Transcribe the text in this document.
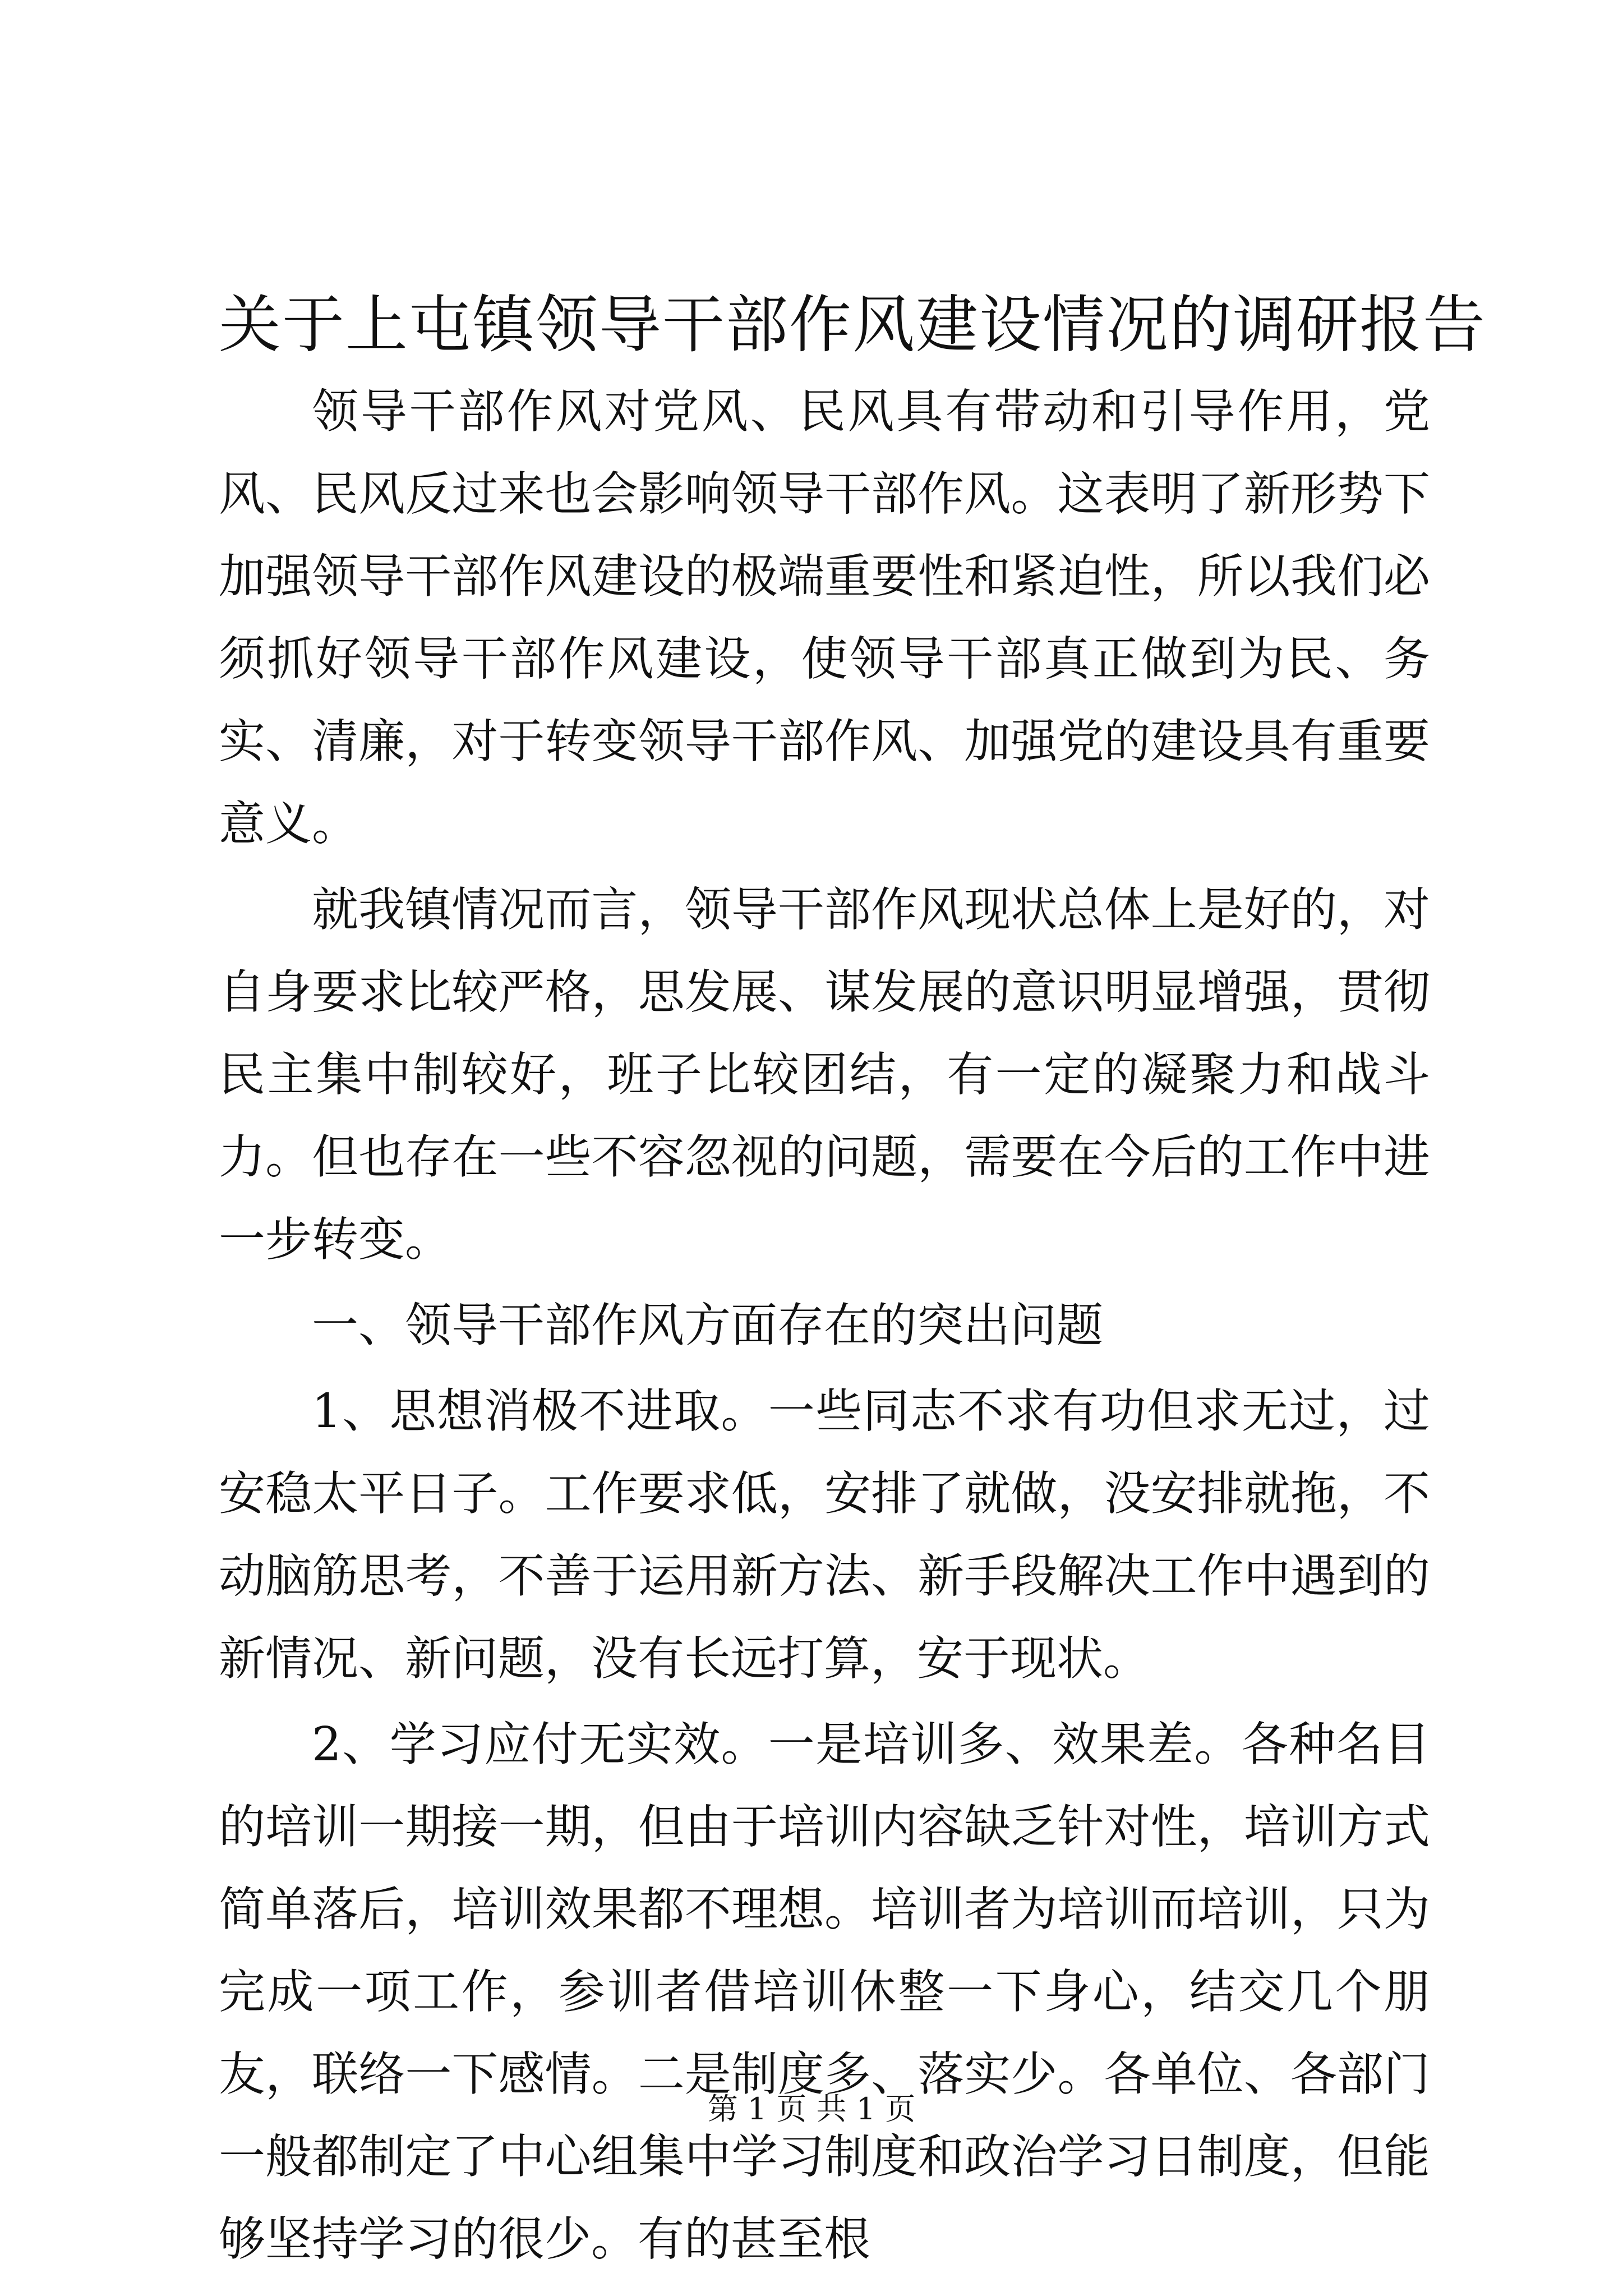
关于上屯镇领导干部作风建设情况的调研报告

领导干部作风对党风、民风具有带动和引导作用，党风、民风反过来也会影响领导干部作风。这表明了新形势下加强领导干部作风建设的极端重要性和紧迫性，所以我们必须抓好领导干部作风建设，使领导干部真正做到为民、务实、清廉，对于转变领导干部作风、加强党的建设具有重要意义。

就我镇情况而言，领导干部作风现状总体上是好的，对自身要求比较严格，思发展、谋发展的意识明显增强，贯彻民主集中制较好，班子比较团结，有一定的凝聚力和战斗力。但也存在一些不容忽视的问题，需要在今后的工作中进一步转变。

一、领导干部作风方面存在的突出问题

1、思想消极不进取。一些同志不求有功但求无过，过安稳太平日子。工作要求低，安排了就做，没安排就拖，不动脑筋思考，不善于运用新方法、新手段解决工作中遇到的新情况、新问题，没有长远打算，安于现状。

2、学习应付无实效。一是培训多、效果差。各种名目的培训一期接一期，但由于培训内容缺乏针对性，培训方式简单落后，培训效果都不理想。培训者为培训而培训，只为完成一项工作，参训者借培训休整一下身心，结交几个朋友，联络一下感情。二是制度多、落实少。各单位、各部门一般都制定了中心组集中学习制度和政治学习日制度，但能够坚持学习的很少。有的甚至根

第 1 页 共 1 页
